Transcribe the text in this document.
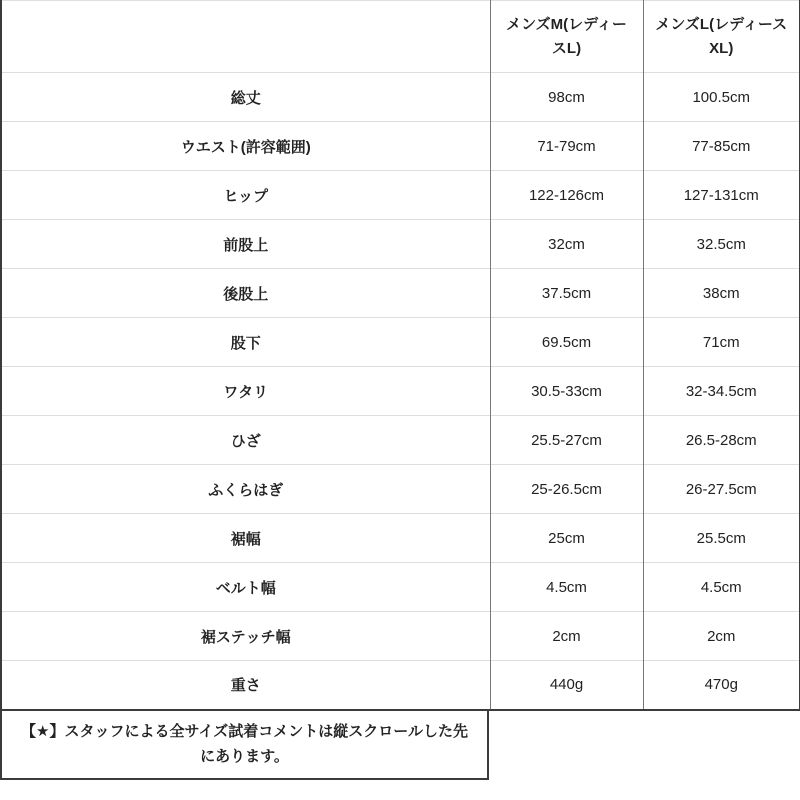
	メンズM(レディースL)	メンズL(レディースXL)
総丈	98cm	100.5cm
ウエスト(許容範囲)	71-79cm	77-85cm
ヒップ	122-126cm	127-131cm
前股上	32cm	32.5cm
後股上	37.5cm	38cm
股下	69.5cm	71cm
ワタリ	30.5-33cm	32-34.5cm
ひざ	25.5-27cm	26.5-28cm
ふくらはぎ	25-26.5cm	26-27.5cm
裾幅	25cm	25.5cm
ベルト幅	4.5cm	4.5cm
裾ステッチ幅	2cm	2cm
重さ	440g	470g
【★】スタッフによる全サイズ試着コメントは縦スクロールした先にあります。
